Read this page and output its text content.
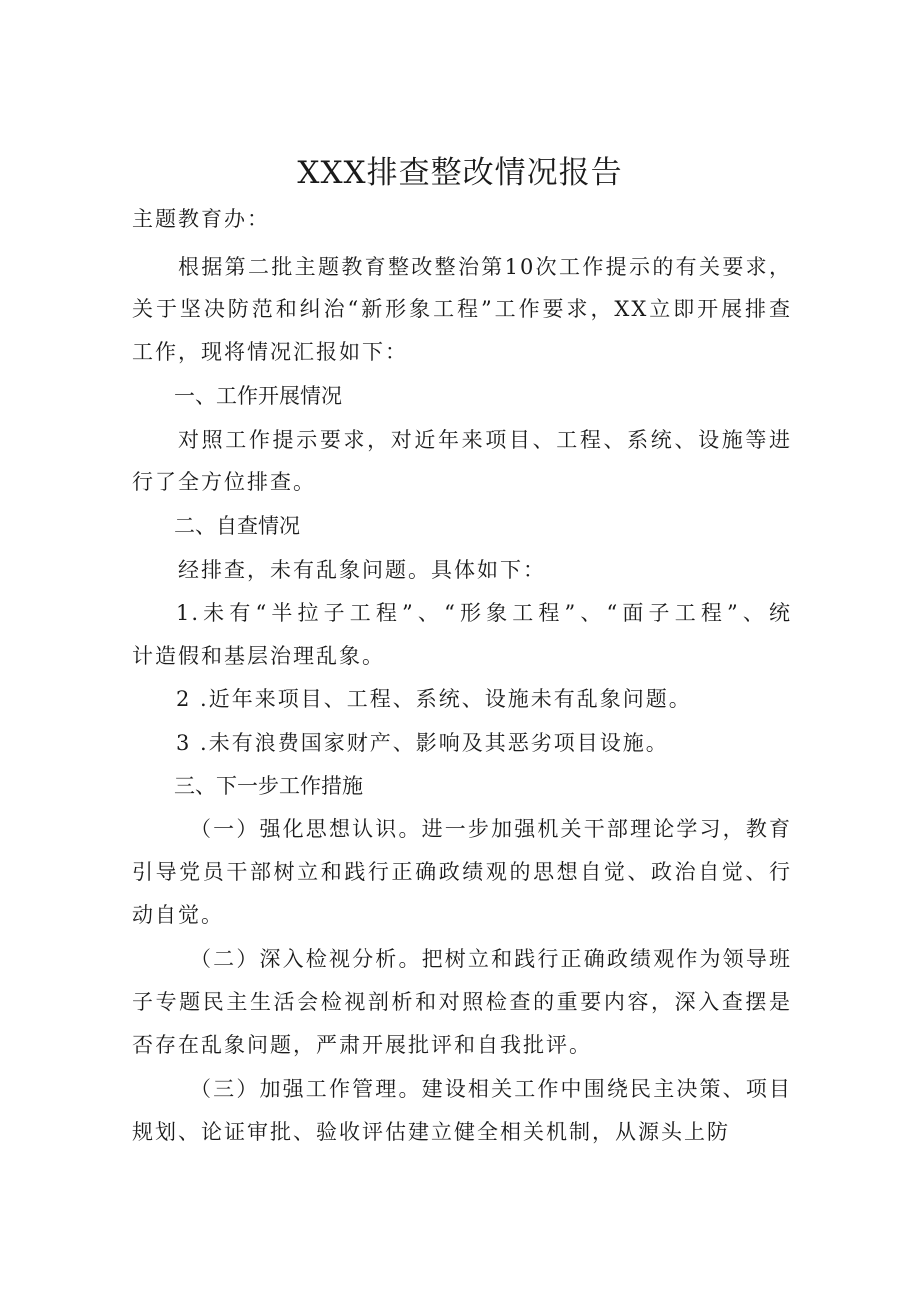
XXX排查整改情况报告
主题教育办：
根据第二批主题教育整改整治第10次工作提示的有关要求，
关于坚决防范和纠治“新形象工程”工作要求，XX立即开展排查
工作，现将情况汇报如下：
一、工作开展情况
对照工作提示要求，对近年来项目、工程、系统、设施等进
行了全方位排查。
二、自查情况
经排查，未有乱象问题。具体如下：
1.未有“半拉子工程”、“形象工程”、“面子工程”、统
计造假和基层治理乱象。
2 .近年来项目、工程、系统、设施未有乱象问题。
3 .未有浪费国家财产、影响及其恶劣项目设施。
三、下一步工作措施
（一）强化思想认识。进一步加强机关干部理论学习，教育
引导党员干部树立和践行正确政绩观的思想自觉、政治自觉、行
动自觉。
（二）深入检视分析。把树立和践行正确政绩观作为领导班
子专题民主生活会检视剖析和对照检查的重要内容，深入查摆是
否存在乱象问题，严肃开展批评和自我批评。
（三）加强工作管理。建设相关工作中围绕民主决策、项目
规划、论证审批、验收评估建立健全相关机制，从源头上防
